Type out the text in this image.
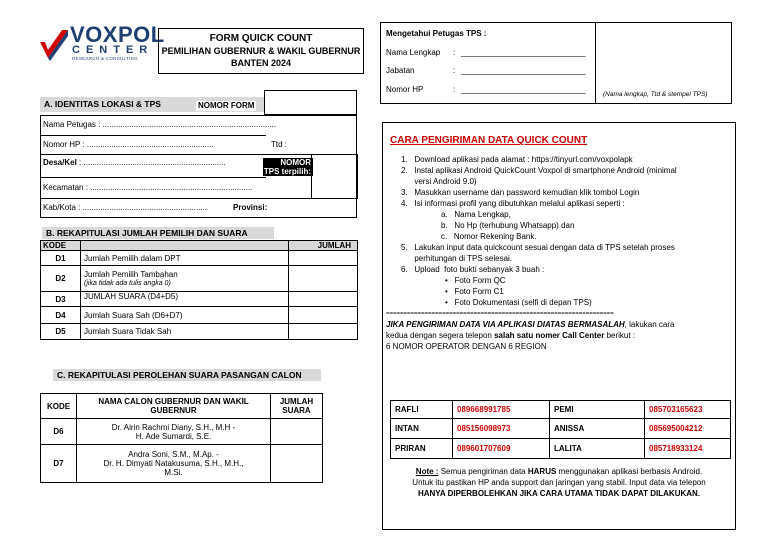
VOXPOL
CENTER
RESEARCH & CONSULTING
FORM QUICK COUNT
PEMILIHAN GUBERNUR & WAKIL GUBERNUR
BANTEN 2024
Mengetahui Petugas TPS :
Nama Lengkap : ____________________________
Jabatan	: ____________________________
Nomor HP	: ____________________________
(Nama lengkap, Ttd & stempel TPS)
A. IDENTITAS LOKASI & TPS	NOMOR FORM
Nama Petugas : ..............................................................................
Nomor HP : .........................................................	Ttd :
Desa/Kel : ................................................................	NOMOR TPS terpilih:
Kecamatan : .........................................................................
Kab/Kota : ........................................................	Provinsi:
B. REKAPITULASI JUMLAH PEMILIH DAN SUARA
KODE		JUMLAH
D1	Jumlah Pemilih dalam DPT	
D2	Jumlah Pemilih Tambahan
(jika tidak ada tulis angka 0)	

D3	JUMLAH SUARA (D4+D5)	
D4	Jumlah Suara Sah (D6+D7)	
D5	Jumlah Suara Tidak Sah	
C. REKAPITULASI PEROLEHAN SUARA PASANGAN CALON
KODE	NAMA CALON GUBERNUR DAN WAKIL GUBERNUR	JUMLAH SUARA
D6	Dr. Airin Rachmi Diany, S.H., M.H -
H. Ade Sumardi, S.E.	

D7	Andra Soni, S.M., M.Ap. -
Dr. H. Dimyati Natakusuma, S.H., M.H.,
M.Si.	

CARA PENGIRIMAN DATA QUICK COUNT
1.   Download aplikasi pada alamat : https://tinyurl.com/voxpolapk
2.   Instal aplikasi Android QuickCount Voxpol di smartphone Android (minimal
versi Android 9.0)
3.   Masukkan username dan password kemudian klik tombol Login
4.   Isi informasi profil yang dibutuhkan melalui aplikasi seperti :
a.   Nama Lengkap,
b.   No Hp (terhubung Whatsapp) dan
c.   Nomor Rekening Bank.
5.   Lakukan input data quickcount sesuai dengan data di TPS setelah proses
perhitungan di TPS selesai.
6.   Upload  foto bukti sebanyak 3 buah :
•   Foto Form QC
•   Foto Form C1
•   Foto Dokumentasi (selfi di depan TPS)
=================================================================
JIKA PENGIRIMAN DATA VIA APLIKASI DIATAS BERMASALAH, lakukan cara
kedua dengan segera telepon salah satu nomer Call Center berikut :
6 NOMOR OPERATOR DENGAN 6 REGION
RAFLI	089668991785	PEMI	085703165623
INTAN	085156098973	ANISSA	085695004212
PRIRAN	089601707609	LALITA	085718933124
Note : Semua pengiriman data HARUS menggunakan aplikasi berbasis Android.
Untuk itu pastikan HP anda support dan jaringan yang stabil. Input data via telepon
HANYA DIPERBOLEHKAN JIKA CARA UTAMA TIDAK DAPAT DILAKUKAN.
